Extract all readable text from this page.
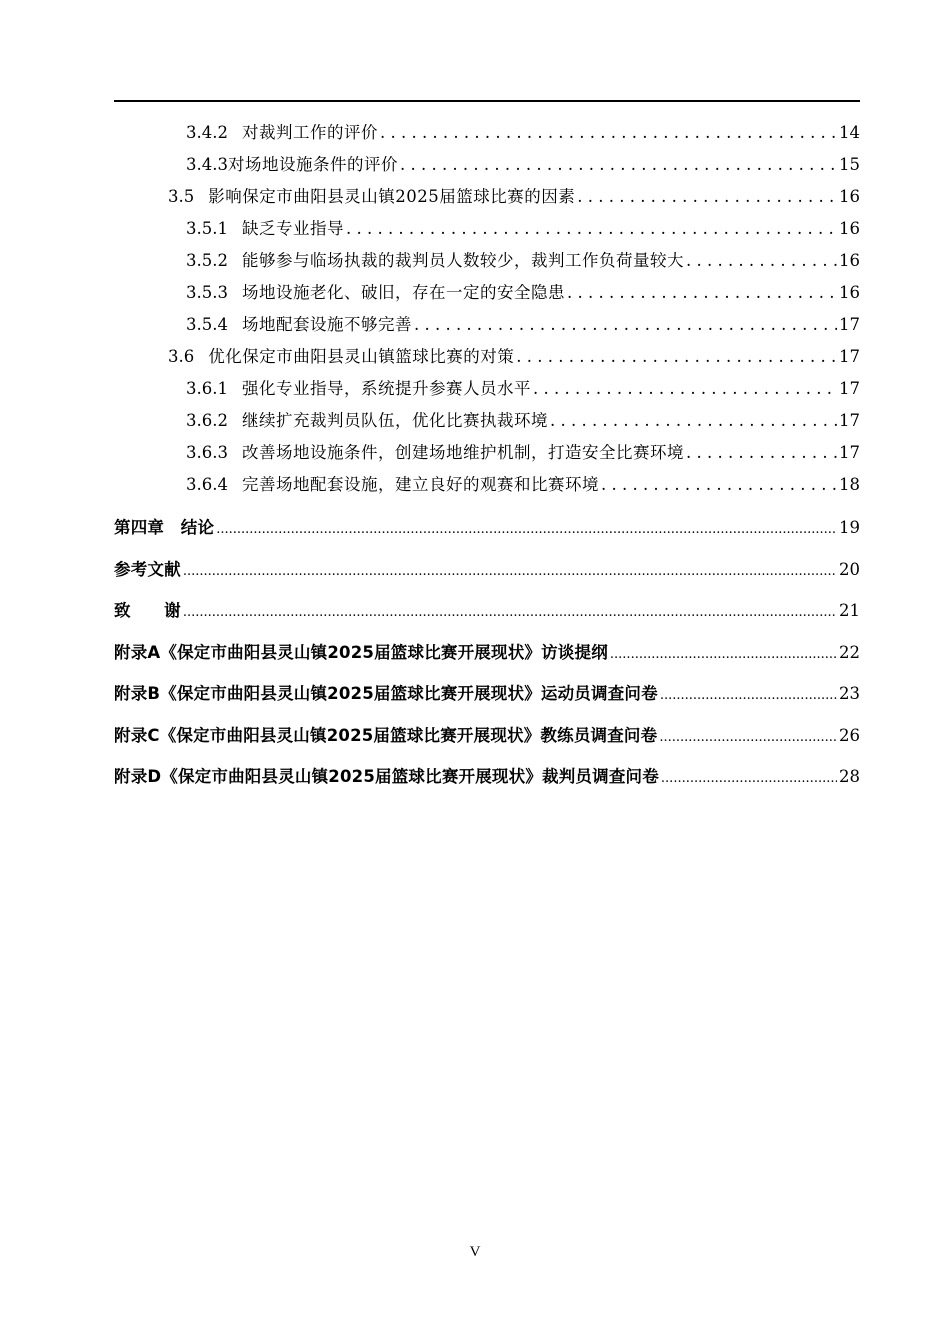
3.4.2 对裁判工作的评价 . . .	14
3.4.3 对场地设施条件的评价 . . .	15
3.5 影响保定市曲阳县灵山镇2025届篮球比赛的因素 . . .	16
3.5.1 缺乏专业指导 . . .	16
3.5.2 能够参与临场执裁的裁判员人数较少，裁判工作负荷量较大 . . .	16
3.5.3 场地设施老化、破旧，存在一定的安全隐患 . . .	16
3.5.4 场地配套设施不够完善 . . .	17
3.6 优化保定市曲阳县灵山镇篮球比赛的对策 . . .	17
3.6.1 强化专业指导，系统提升参赛人员水平 . . .	17
3.6.2 继续扩充裁判员队伍，优化比赛执裁环境 . . .	17
3.6.3 改善场地设施条件，创建场地维护机制，打造安全比赛环境 . . .	17
3.6.4 完善场地配套设施，建立良好的观赛和比赛环境 . . .	18
第四章　结论 .....	19
参考文献 .....	20
致　　谢 .....	21
附录A《保定市曲阳县灵山镇2025届篮球比赛开展现状》访谈提纲 .....	22
附录B《保定市曲阳县灵山镇2025届篮球比赛开展现状》运动员调查问卷 .....	23
附录C《保定市曲阳县灵山镇2025届篮球比赛开展现状》教练员调查问卷 .....	26
附录D《保定市曲阳县灵山镇2025届篮球比赛开展现状》裁判员调查问卷 .....	28
V
